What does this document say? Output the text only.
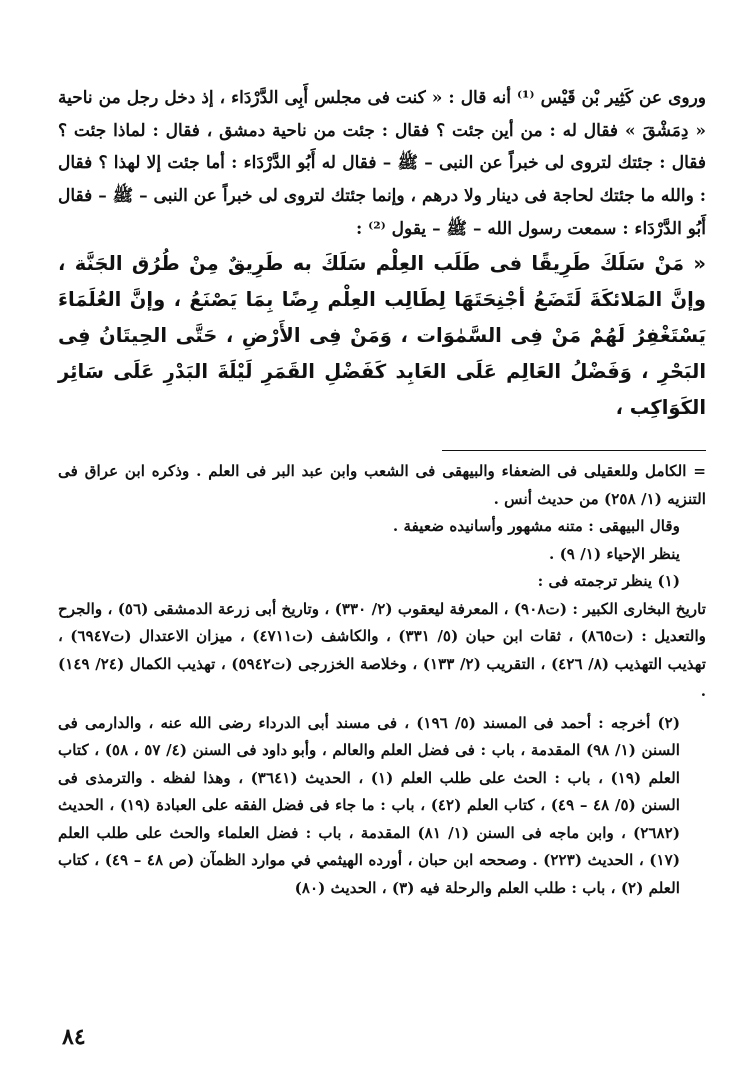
وروى عن كَثِير بْن قَيْس ⁽¹⁾ أنه قال : « كنت فى مجلس أَبِى الدَّرْدَاء ، إذ دخل رجل من ناحية « دِمَشْقَ » فقال له : من أين جئت ؟ فقال : جئت من ناحية دمشق ، فقال : لماذا جئت ؟ فقال : جئتك لتروى لى خبراً عن النبى – ﷺ – فقال له أَبُو الدَّرْدَاء : أما جئت إلا لهذا ؟ فقال : والله ما جئتك لحاجة فى دينار ولا درهم ، وإنما جئتك لتروى لى خبراً عن النبى – ﷺ – فقال أَبُو الدَّرْدَاء : سمعت رسول الله – ﷺ – يقول ⁽²⁾ :

« مَنْ سَلَكَ طَرِيقًا فى طَلَب العِلْم سَلَكَ به طَرِيقٌ مِنْ طُرُق الجَنَّة ، وإنَّ المَلائكَةَ لَتَضَعُ أجْنِحَتَهَا لِطَالِب العِلْم رِضًا بِمَا يَصْنَعُ ، وإنَّ العُلَمَاءَ يَسْتَغْفِرُ لَهُمْ مَنْ فِى السَّمٰوَات ، وَمَنْ فِى الأَرْضِ ، حَتَّى الحِيتَانُ فِى البَحْرِ ، وَفَضْلُ العَالِم عَلَى العَابِد كَفَضْلِ القَمَرِ لَيْلَةَ البَدْرِ عَلَى سَائِر الكَوَاكِب ،

= الكامل وللعقيلى فى الضعفاء والبيهقى فى الشعب وابن عبد البر فى العلم . وذكره ابن عراق فى التنزيه (١/ ٢٥٨) من حديث أنس .

وقال البيهقى : متنه مشهور وأسانيده ضعيفة .

ينظر الإحياء (١/ ٩) .

(١) ينظر ترجمته فى :

تاريخ البخارى الكبير : (ت٩٠٨) ، المعرفة ليعقوب (٢/ ٣٣٠) ، وتاريخ أبى زرعة الدمشقى (٥٦) ، والجرح والتعديل : (ت٨٦٥) ، ثقات ابن حبان (٥/ ٣٣١) ، والكاشف (ت٤٧١١) ، ميزان الاعتدال (ت٦٩٤٧) ، تهذيب التهذيب (٨/ ٤٢٦) ، التقريب (٢/ ١٣٣) ، وخلاصة الخزرجى (ت٥٩٤٢) ، تهذيب الكمال (٢٤/ ١٤٩) .

(٢) أخرجه : أحمد فى المسند (٥/ ١٩٦) ، فى مسند أبى الدرداء رضى الله عنه ، والدارمى فى السنن (١/ ٩٨) المقدمة ، باب : فى فضل العلم والعالم ، وأبو داود فى السنن (٤/ ٥٧ ، ٥٨) ، كتاب العلم (١٩) ، باب : الحث على طلب العلم (١) ، الحديث (٣٦٤١) ، وهذا لفظه . والترمذى فى السنن (٥/ ٤٨ – ٤٩) ، كتاب العلم (٤٢) ، باب : ما جاء فى فضل الفقه على العبادة (١٩) ، الحديث (٢٦٨٢) ، وابن ماجه فى السنن (١/ ٨١) المقدمة ، باب : فضل العلماء والحث على طلب العلم (١٧) ، الحديث (٢٢٣) . وصححه ابن حبان ، أورده الهيثمي في موارد الظمآن (ص ٤٨ – ٤٩) ، كتاب العلم (٢) ، باب : طلب العلم والرحلة فيه (٣) ، الحديث (٨٠)

٨٤
